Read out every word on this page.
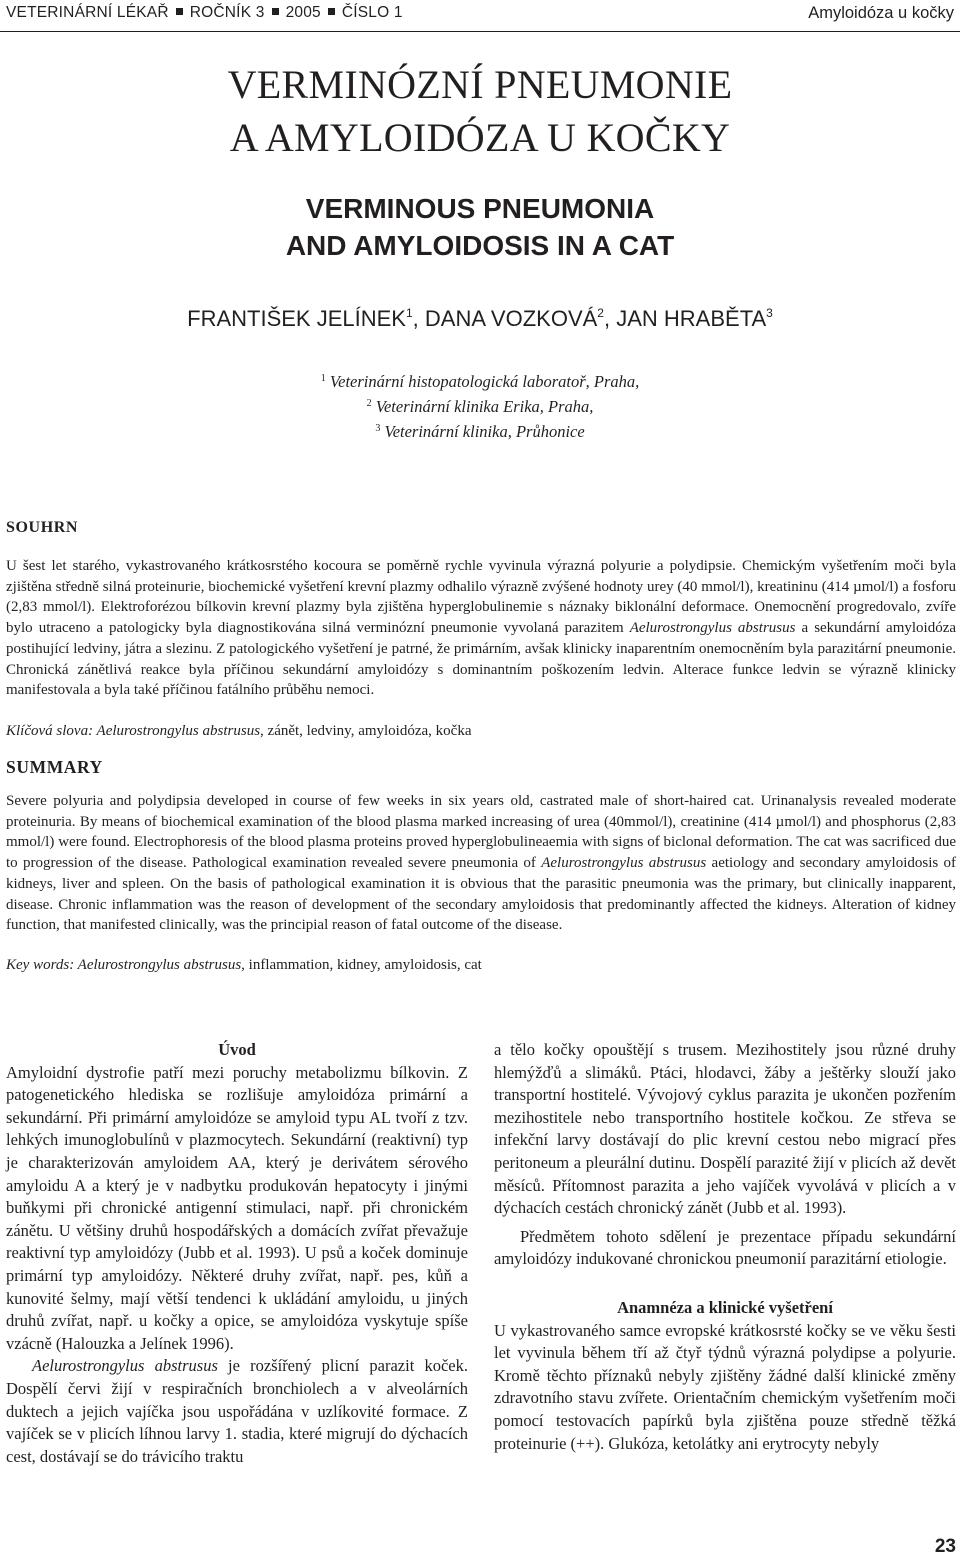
VETERINÁRNÍ LÉKAŘ ROČNÍK 3 2005 ČÍSLO 1	Amyloidóza u kočky
VERMINÓZNÍ PNEUMONIE
A AMYLOIDÓZA U KOČKY
VERMINOUS PNEUMONIA
AND AMYLOIDOSIS IN A CAT
FRANTIŠEK JELÍNEK$^1$, DANA VOZKOVÁ$^2$, JAN HRABĚTA$^3$
$^1$ Veterinární histopatologická laboratoř, Praha,
$^2$ Veterinární klinika Erika, Praha,
$^3$ Veterinární klinika, Průhonice
SOUHRN

U šest let starého, vykastrovaného krátkosrstého kocoura se poměrně rychle vyvinula výrazná polyurie a polydipsie. Chemickým vyšetřením moči byla zjištěna středně silná proteinurie, biochemické vyšetření krevní plazmy odhalilo výrazně zvýšené hodnoty urey (40 mmol/l), kreatininu (414 µmol/l) a fosforu (2,83 mmol/l). Elektroforézou bílkovin krevní plazmy byla zjištěna hyperglobulinemie s náznaky biklonální deformace. Onemocnění progredovalo, zvíře bylo utraceno a patologicky byla diagnostikována silná verminózní pneumonie vyvolaná parazitem Aelurostrongylus abstrusus a sekundární amyloidóza postihující ledviny, játra a slezinu. Z patologického vyšetření je patrné, že primárním, avšak klinicky inaparentním onemocněním byla parazitární pneumonie. Chronická zánětlivá reakce byla příčinou sekundární amyloidózy s dominantním poškozením ledvin. Alterace funkce ledvin se výrazně klinicky manifestovala a byla také příčinou fatálního průběhu nemoci.

Klíčová slova: Aelurostrongylus abstrusus, zánět, ledviny, amyloidóza, kočka

SUMMARY

Severe polyuria and polydipsia developed in course of few weeks in six years old, castrated male of short-haired cat. Urinanalysis revealed moderate proteinuria. By means of biochemical examination of the blood plasma marked increasing of urea (40mmol/l), creatinine (414 µmol/l) and phosphorus (2,83 mmol/l) were found. Electrophoresis of the blood plasma proteins proved hyperglobulineaemia with signs of biclonal deformation. The cat was sacrificed due to progression of the disease. Pathological examination revealed severe pneumonia of Aelurostrongylus abstrusus aetiology and secondary amyloidosis of kidneys, liver and spleen. On the basis of pathological examination it is obvious that the parasitic pneumonia was the primary, but clinically inapparent, disease. Chronic inflammation was the reason of development of the secondary amyloidosis that predominantly affected the kidneys. Alteration of kidney function, that manifested clinically, was the principial reason of fatal outcome of the disease.

Key words: Aelurostrongylus abstrusus, inflammation, kidney, amyloidosis, cat

Úvod

Amyloidní dystrofie patří mezi poruchy metabolizmu bílkovin. Z patogenetického hlediska se rozlišuje amyloidóza primární a sekundární. Při primární amyloidóze se amyloid typu AL tvoří z tzv. lehkých imunoglobulínů v plazmocytech. Sekundární (reaktivní) typ je charakterizován amyloidem AA, který je derivátem sérového amyloidu A a který je v nadbytku produkován hepatocyty i jinými buňkymi při chronické antigenní stimulaci, např. při chronickém zánětu. U většiny druhů hospodářských a domácích zvířat převažuje reaktivní typ amyloidózy (Jubb et al. 1993). U psů a koček dominuje primární typ amyloidózy. Některé druhy zvířat, např. pes, kůň a kunovité šelmy, mají větší tendenci k ukládání amyloidu, u jiných druhů zvířat, např. u kočky a opice, se amyloidóza vyskytuje spíše vzácně (Halouzka a Jelínek 1996).

Aelurostrongylus abstrusus je rozšířený plicní parazit koček. Dospělí červi žijí v respiračních bronchiolech a v alveolárních duktech a jejich vajíčka jsou uspořádána v uzlíkovité formace. Z vajíček se v plicích líhnou larvy 1. stadia, které migrují do dýchacích cest, dostávají se do trávicího traktu

a tělo kočky opouštějí s trusem. Mezihostitely jsou různé druhy hlemýžďů a slimáků. Ptáci, hlodavci, žáby a ještěrky slouží jako transportní hostitelé. Vývojový cyklus parazita je ukončen pozřením mezihostitele nebo transportního hostitele kočkou. Ze střeva se infekční larvy dostávají do plic krevní cestou nebo migrací přes peritoneum a pleurální dutinu. Dospělí parazité žijí v plicích až devět měsíců. Přítomnost parazita a jeho vajíček vyvolává v plicích a v dýchacích cestách chronický zánět (Jubb et al. 1993).

Předmětem tohoto sdělení je prezentace případu sekundární amyloidózy indukované chronickou pneumonií parazitární etiologie.

Anamnéza a klinické vyšetření

U vykastrovaného samce evropské krátkosrsté kočky se ve věku šesti let vyvinula během tří až čtyř týdnů výrazná polydipse a polyurie. Kromě těchto příznaků nebyly zjištěny žádné další klinické změny zdravotního stavu zvířete. Orientačním chemickým vyšetřením moči pomocí testovacích papírků byla zjištěna pouze středně těžká proteinurie (++). Glukóza, ketolátky ani erytrocyty nebyly

23
